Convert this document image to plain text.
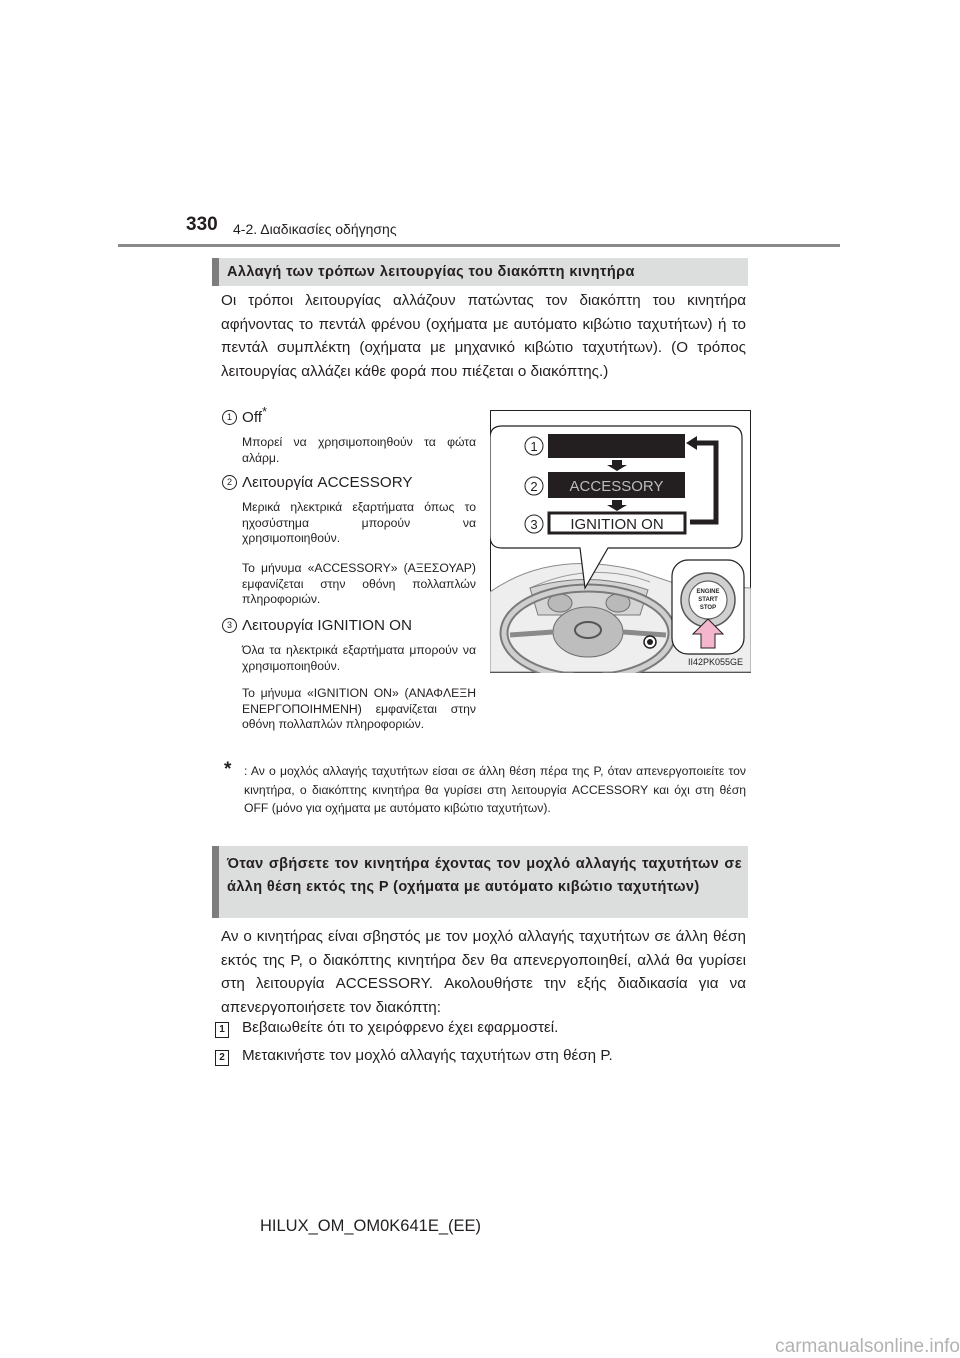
330 4-2. Διαδικασίες οδήγησης
Αλλαγή των τρόπων λειτουργίας του διακόπτη κινητήρα
Οι τρόποι λειτουργίας αλλάζουν πατώντας τον διακόπτη του κινητήρα αφήνοντας το πεντάλ φρένου (οχήματα με αυτόματο κιβώτιο ταχυτήτων) ή το πεντάλ συμπλέκτη (οχήματα με μηχανικό κιβώτιο ταχυτήτων). (Ο τρόπος λειτουργίας αλλάζει κάθε φορά που πιέζεται ο διακόπτης.)
1 Off*
Μπορεί να χρησιμοποιηθούν τα φώτα αλάρμ.
2 Λειτουργία ACCESSORY
Μερικά ηλεκτρικά εξαρτήματα όπως το ηχοσύστημα μπορούν να χρησιμοποιηθούν.
Το μήνυμα «ACCESSORY» (ΑΞΕΣΟΥΑΡ) εμφανίζεται στην οθόνη πολλαπλών πληροφοριών.
3 Λειτουργία IGNITION ON
Όλα τα ηλεκτρικά εξαρτήματα μπορούν να χρησιμοποιηθούν.
Το μήνυμα «IGNITION ON» (ΑΝΑΦΛΕΞΗ ΕΝΕΡΓΟΠΟΙΗΜΕΝΗ) εμφανίζεται στην οθόνη πολλαπλών πληροφοριών.
ACCESSORY
IGNITION ON
1
2
3
ENGINE
START
STOP
II42PK055GE
* : Αν ο μοχλός αλλαγής ταχυτήτων είσαι σε άλλη θέση πέρα της P, όταν απενεργοποιείτε τον κινητήρα, ο διακόπτης κινητήρα θα γυρίσει στη λειτουργία ACCESSORY και όχι στη θέση OFF (μόνο για οχήματα με αυτόματο κιβώτιο ταχυτήτων).
Όταν σβήσετε τον κινητήρα έχοντας τον μοχλό αλλαγής ταχυτήτων σε άλλη θέση εκτός της P (οχήματα με αυτόματο κιβώτιο ταχυτήτων)
Αν ο κινητήρας είναι σβηστός με τον μοχλό αλλαγής ταχυτήτων σε άλλη θέση εκτός της P, ο διακόπτης κινητήρα δεν θα απενεργοποιηθεί, αλλά θα γυρίσει στη λειτουργία ACCESSORY. Ακολουθήστε την εξής διαδικασία για να απενεργοποιήσετε τον διακόπτη:
1 Βεβαιωθείτε ότι το χειρόφρενο έχει εφαρμοστεί.
2 Μετακινήστε τον μοχλό αλλαγής ταχυτήτων στη θέση P.
HILUX_OM_OM0K641E_(EE)
carmanualsonline.info
